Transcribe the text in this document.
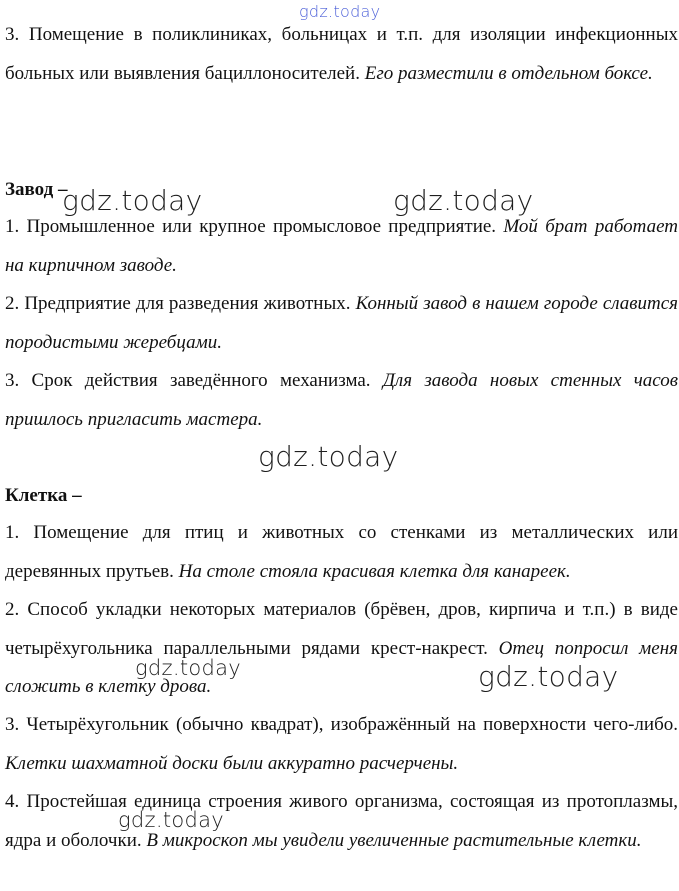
3. Помещение в поликлиниках, больницах и т.п. для изоляции инфекционных больных или выявления бациллоносителей. Его разместили в отдельном боксе.

Завод –

1. Промышленное или крупное промысловое предприятие. Мой брат работает на кирпичном заводе.

2. Предприятие для разведения животных. Конный завод в нашем городе славится породистыми жеребцами.

3. Срок действия заведённого механизма. Для завода новых стенных часов пришлось пригласить мастера.

Клетка –

1. Помещение для птиц и животных со стенками из металлических или деревянных прутьев. На столе стояла красивая клетка для канареек.

2. Способ укладки некоторых материалов (брёвен, дров, кирпича и т.п.) в виде четырёхугольника параллельными рядами крест-накрест. Отец попросил меня сложить в клетку дрова.

3. Четырёхугольник (обычно квадрат), изображённый на поверхности чего-либо. Клетки шахматной доски были аккуратно расчерчены.

4. Простейшая единица строения живого организма, состоящая из протоплазмы, ядра и оболочки. В микроскоп мы увидели увеличенные растительные клетки.

gdz.today
gdz.today	gdz.today
gdz.today
gdz.today	gdz.today
gdz.today
